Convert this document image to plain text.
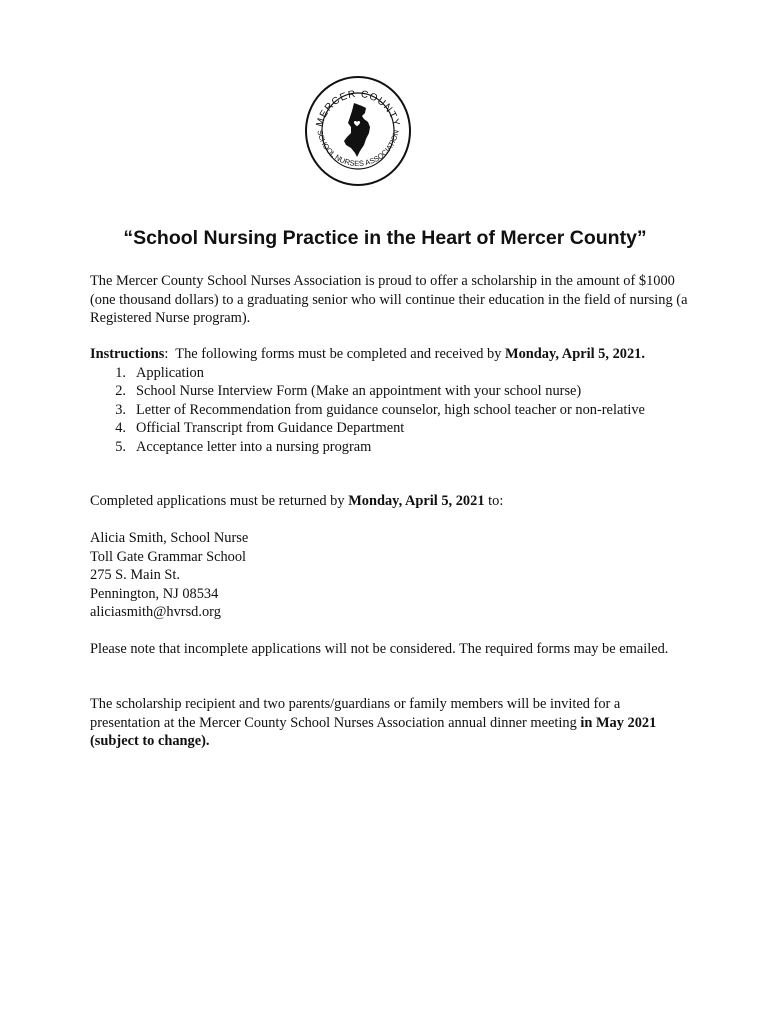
MERCER COUNTY
SCHOOL NURSES ASSOCIATION
“School Nursing Practice in the Heart of Mercer County”

The Mercer County School Nurses Association is proud to offer a scholarship in the amount of $1000 (one thousand dollars) to a graduating senior who will continue their education in the field of nursing (a Registered Nurse program).

Instructions:  The following forms must be completed and received by Monday, April 5, 2021.

1. Application
2. School Nurse Interview Form (Make an appointment with your school nurse)
3. Letter of Recommendation from guidance counselor, high school teacher or non-relative
4. Official Transcript from Guidance Department
5. Acceptance letter into a nursing program

Completed applications must be returned by Monday, April 5, 2021 to:

Alicia Smith, School Nurse
Toll Gate Grammar School
275 S. Main St.
Pennington, NJ 08534
aliciasmith@hvrsd.org

Please note that incomplete applications will not be considered. The required forms may be emailed.

The scholarship recipient and two parents/guardians or family members will be invited for a presentation at the Mercer County School Nurses Association annual dinner meeting in May 2021 (subject to change).
